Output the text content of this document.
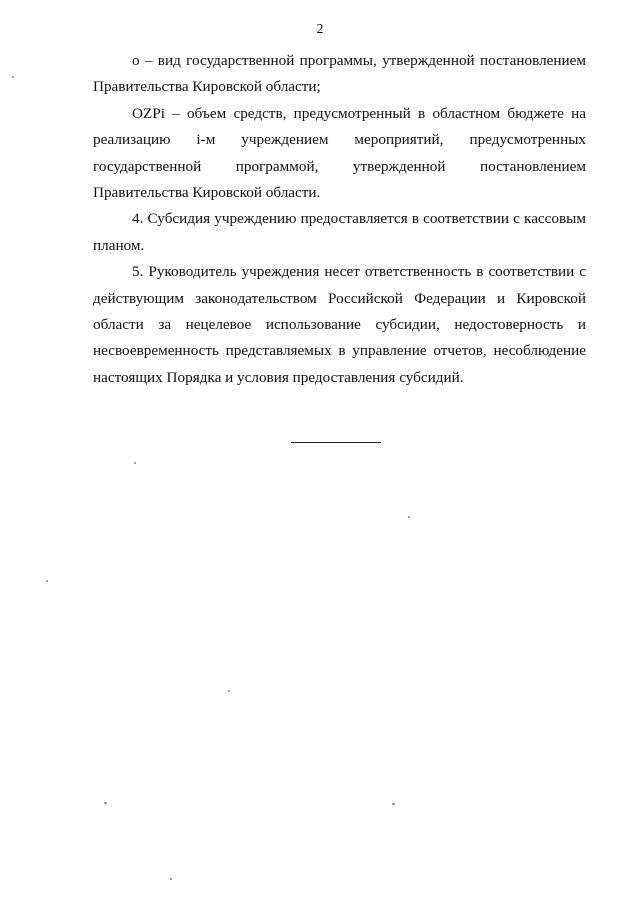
2

о – вид государственной программы, утвержденной постановлением Правительства Кировской области;

OZPi – объем средств, предусмотренный в областном бюджете на реализацию i-м учреждением мероприятий, предусмотренных государственной программой, утвержденной постановлением Правительства Кировской области.

4. Субсидия учреждению предоставляется в соответствии с кассовым планом.

5. Руководитель учреждения несет ответственность в соответствии с действующим законодательством Российской Федерации и Кировской области за нецелевое использование субсидии, недостоверность и несвоевременность представляемых в управление отчетов, несоблюдение настоящих Порядка и условия предоставления субсидий.
